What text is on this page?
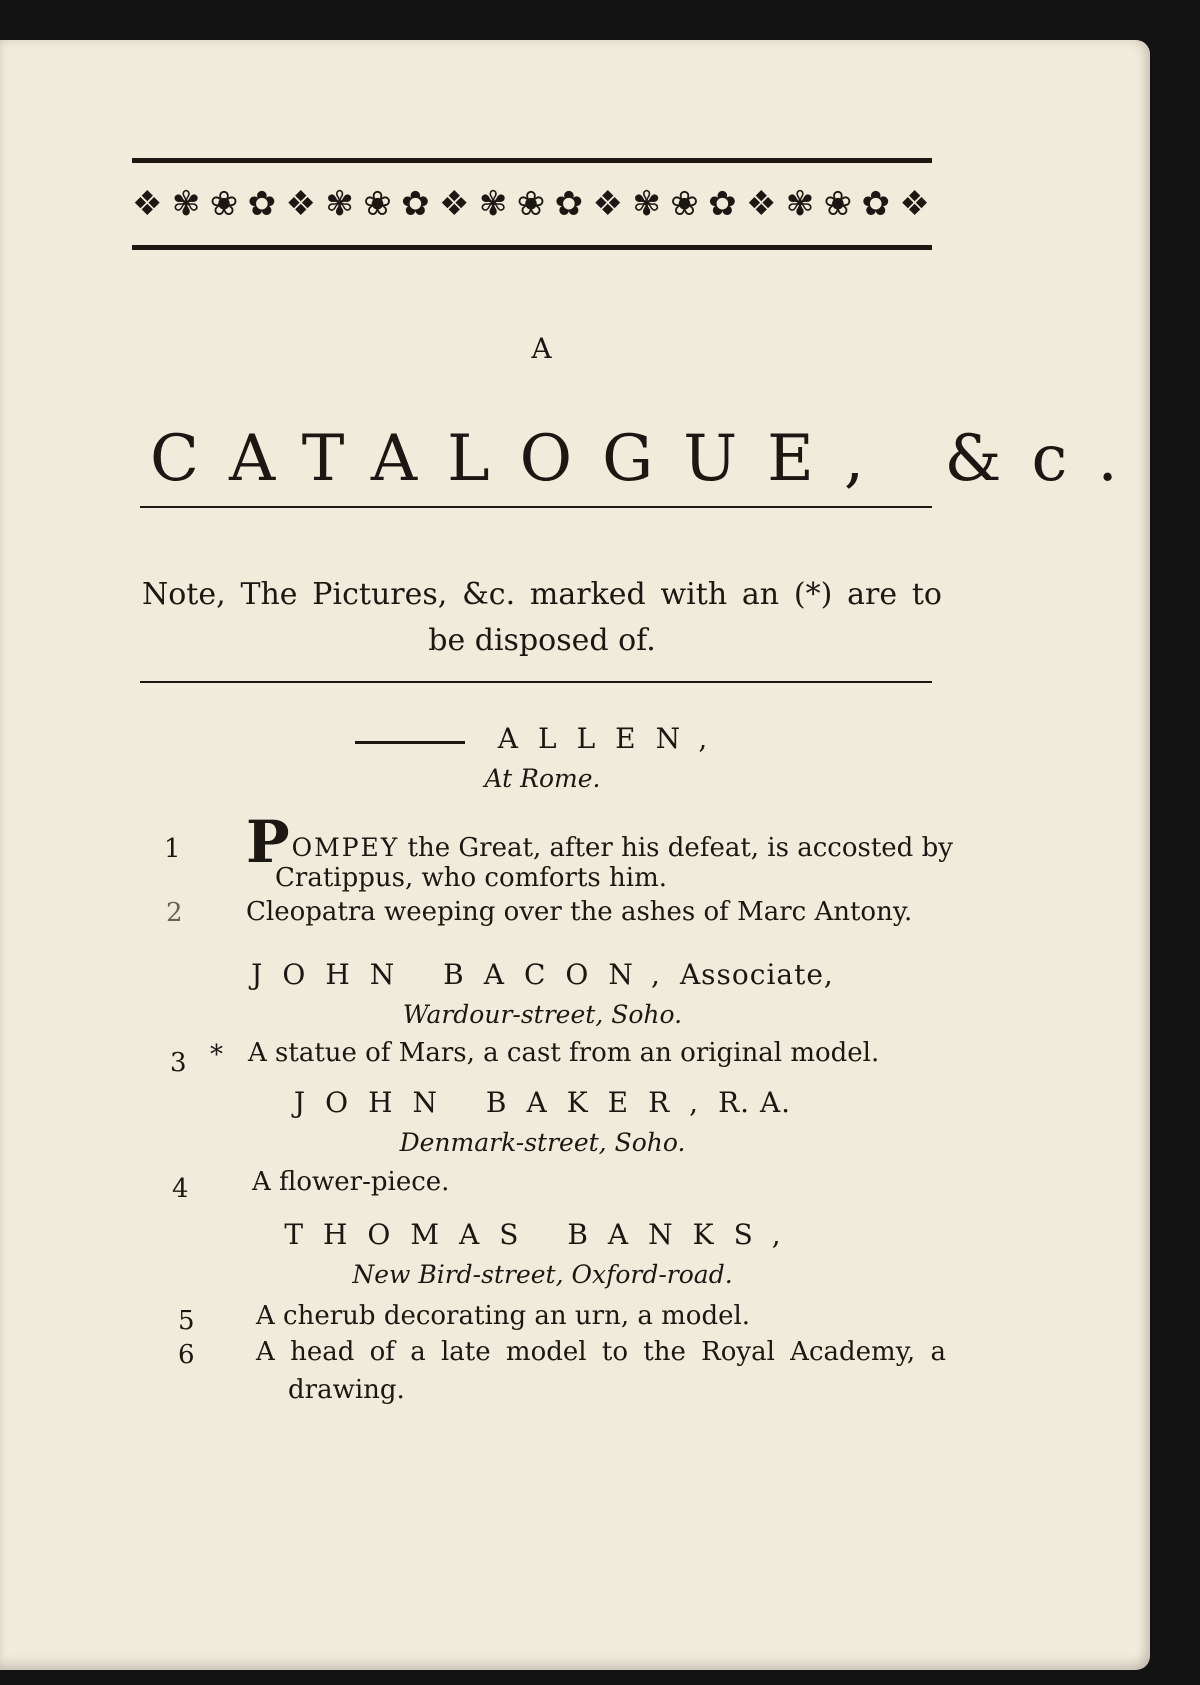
❖ ✾ ❀ ✿ ❖ ✾ ❀ ✿ ❖ ✾ ❀ ✿ ❖ ✾ ❀ ✿ ❖ ✾ ❀ ✿ ❖
A
CATALOGUE, &c.
Note, The Pictures, &c. marked with an (*) are to
be disposed of.
ALLEN,
At Rome.
1 POMPEY the Great, after his defeat, is accosted by
Cratippus, who comforts him.
2 Cleopatra weeping over the ashes of Marc Antony.
JOHN BACON,Associate,
Wardour-street, Soho.
3 * A statue of Mars, a cast from an original model.
JOHN BAKER,R. A.
Denmark-street, Soho.
4 A flower-piece.
THOMAS BANKS,
New Bird-street, Oxford-road.
5 A cherub decorating an urn, a model.
6 A head of a late model to the Royal Academy, a
drawing.
